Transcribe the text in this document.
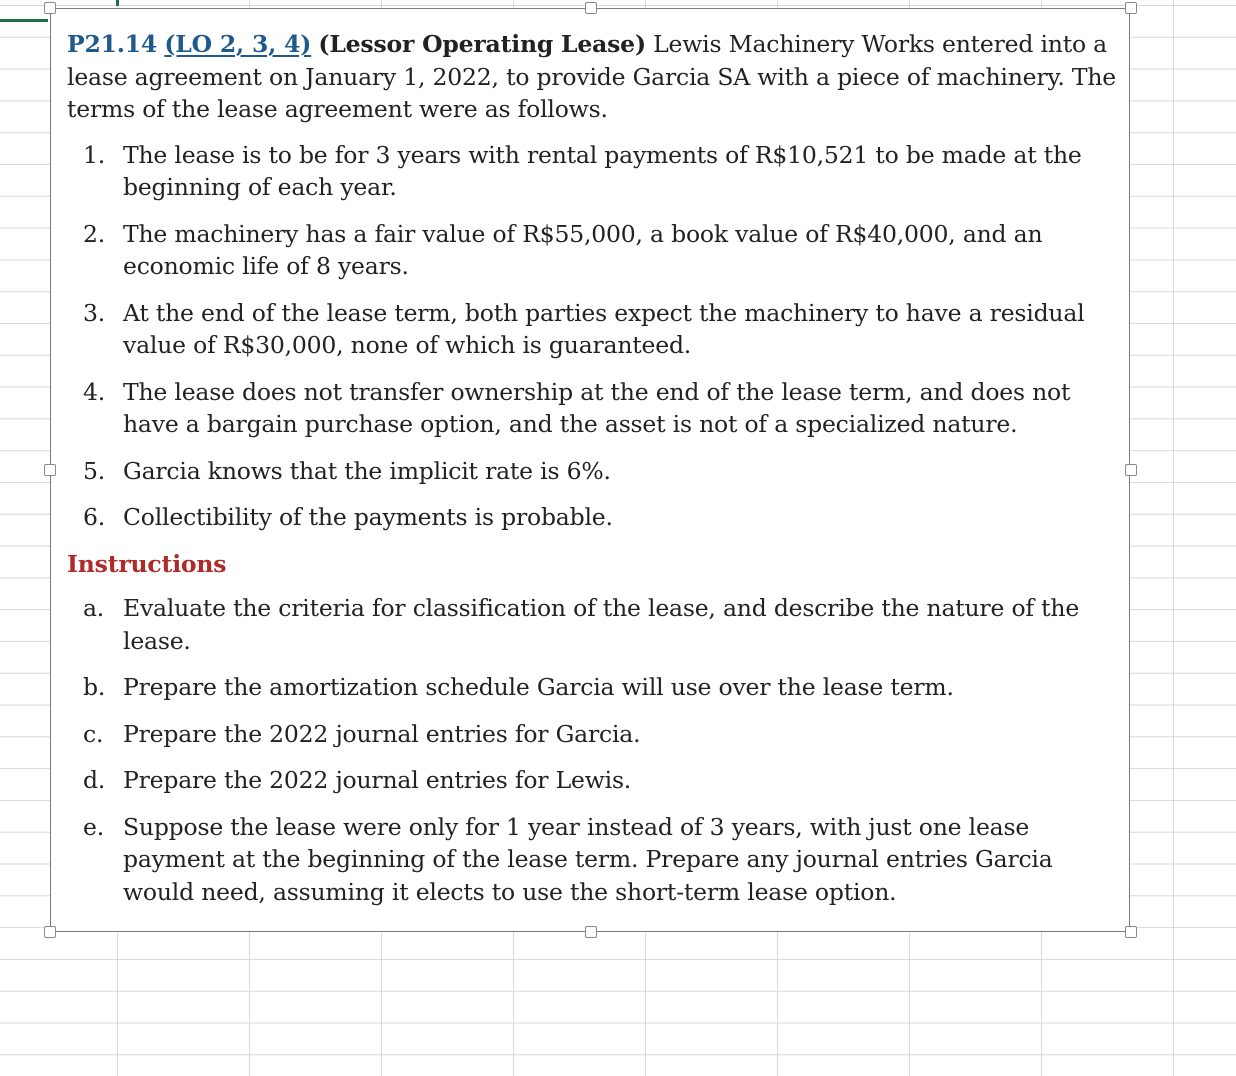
P21.14 (LO 2, 3, 4) (Lessor Operating Lease) Lewis Machinery Works entered into a lease agreement on January 1, 2022, to provide Garcia SA with a piece of machinery. The terms of the lease agreement were as follows.

1. The lease is to be for 3 years with rental payments of R$10,521 to be made at the beginning of each year.
2. The machinery has a fair value of R$55,000, a book value of R$40,000, and an economic life of 8 years.
3. At the end of the lease term, both parties expect the machinery to have a residual value of R$30,000, none of which is guaranteed.
4. The lease does not transfer ownership at the end of the lease term, and does not have a bargain purchase option, and the asset is not of a specialized nature.
5. Garcia knows that the implicit rate is 6%.
6. Collectibility of the payments is probable.

Instructions

a. Evaluate the criteria for classification of the lease, and describe the nature of the lease.
b. Prepare the amortization schedule Garcia will use over the lease term.
c. Prepare the 2022 journal entries for Garcia.
d. Prepare the 2022 journal entries for Lewis.
e. Suppose the lease were only for 1 year instead of 3 years, with just one lease payment at the beginning of the lease term. Prepare any journal entries Garcia would need, assuming it elects to use the short-term lease option.
